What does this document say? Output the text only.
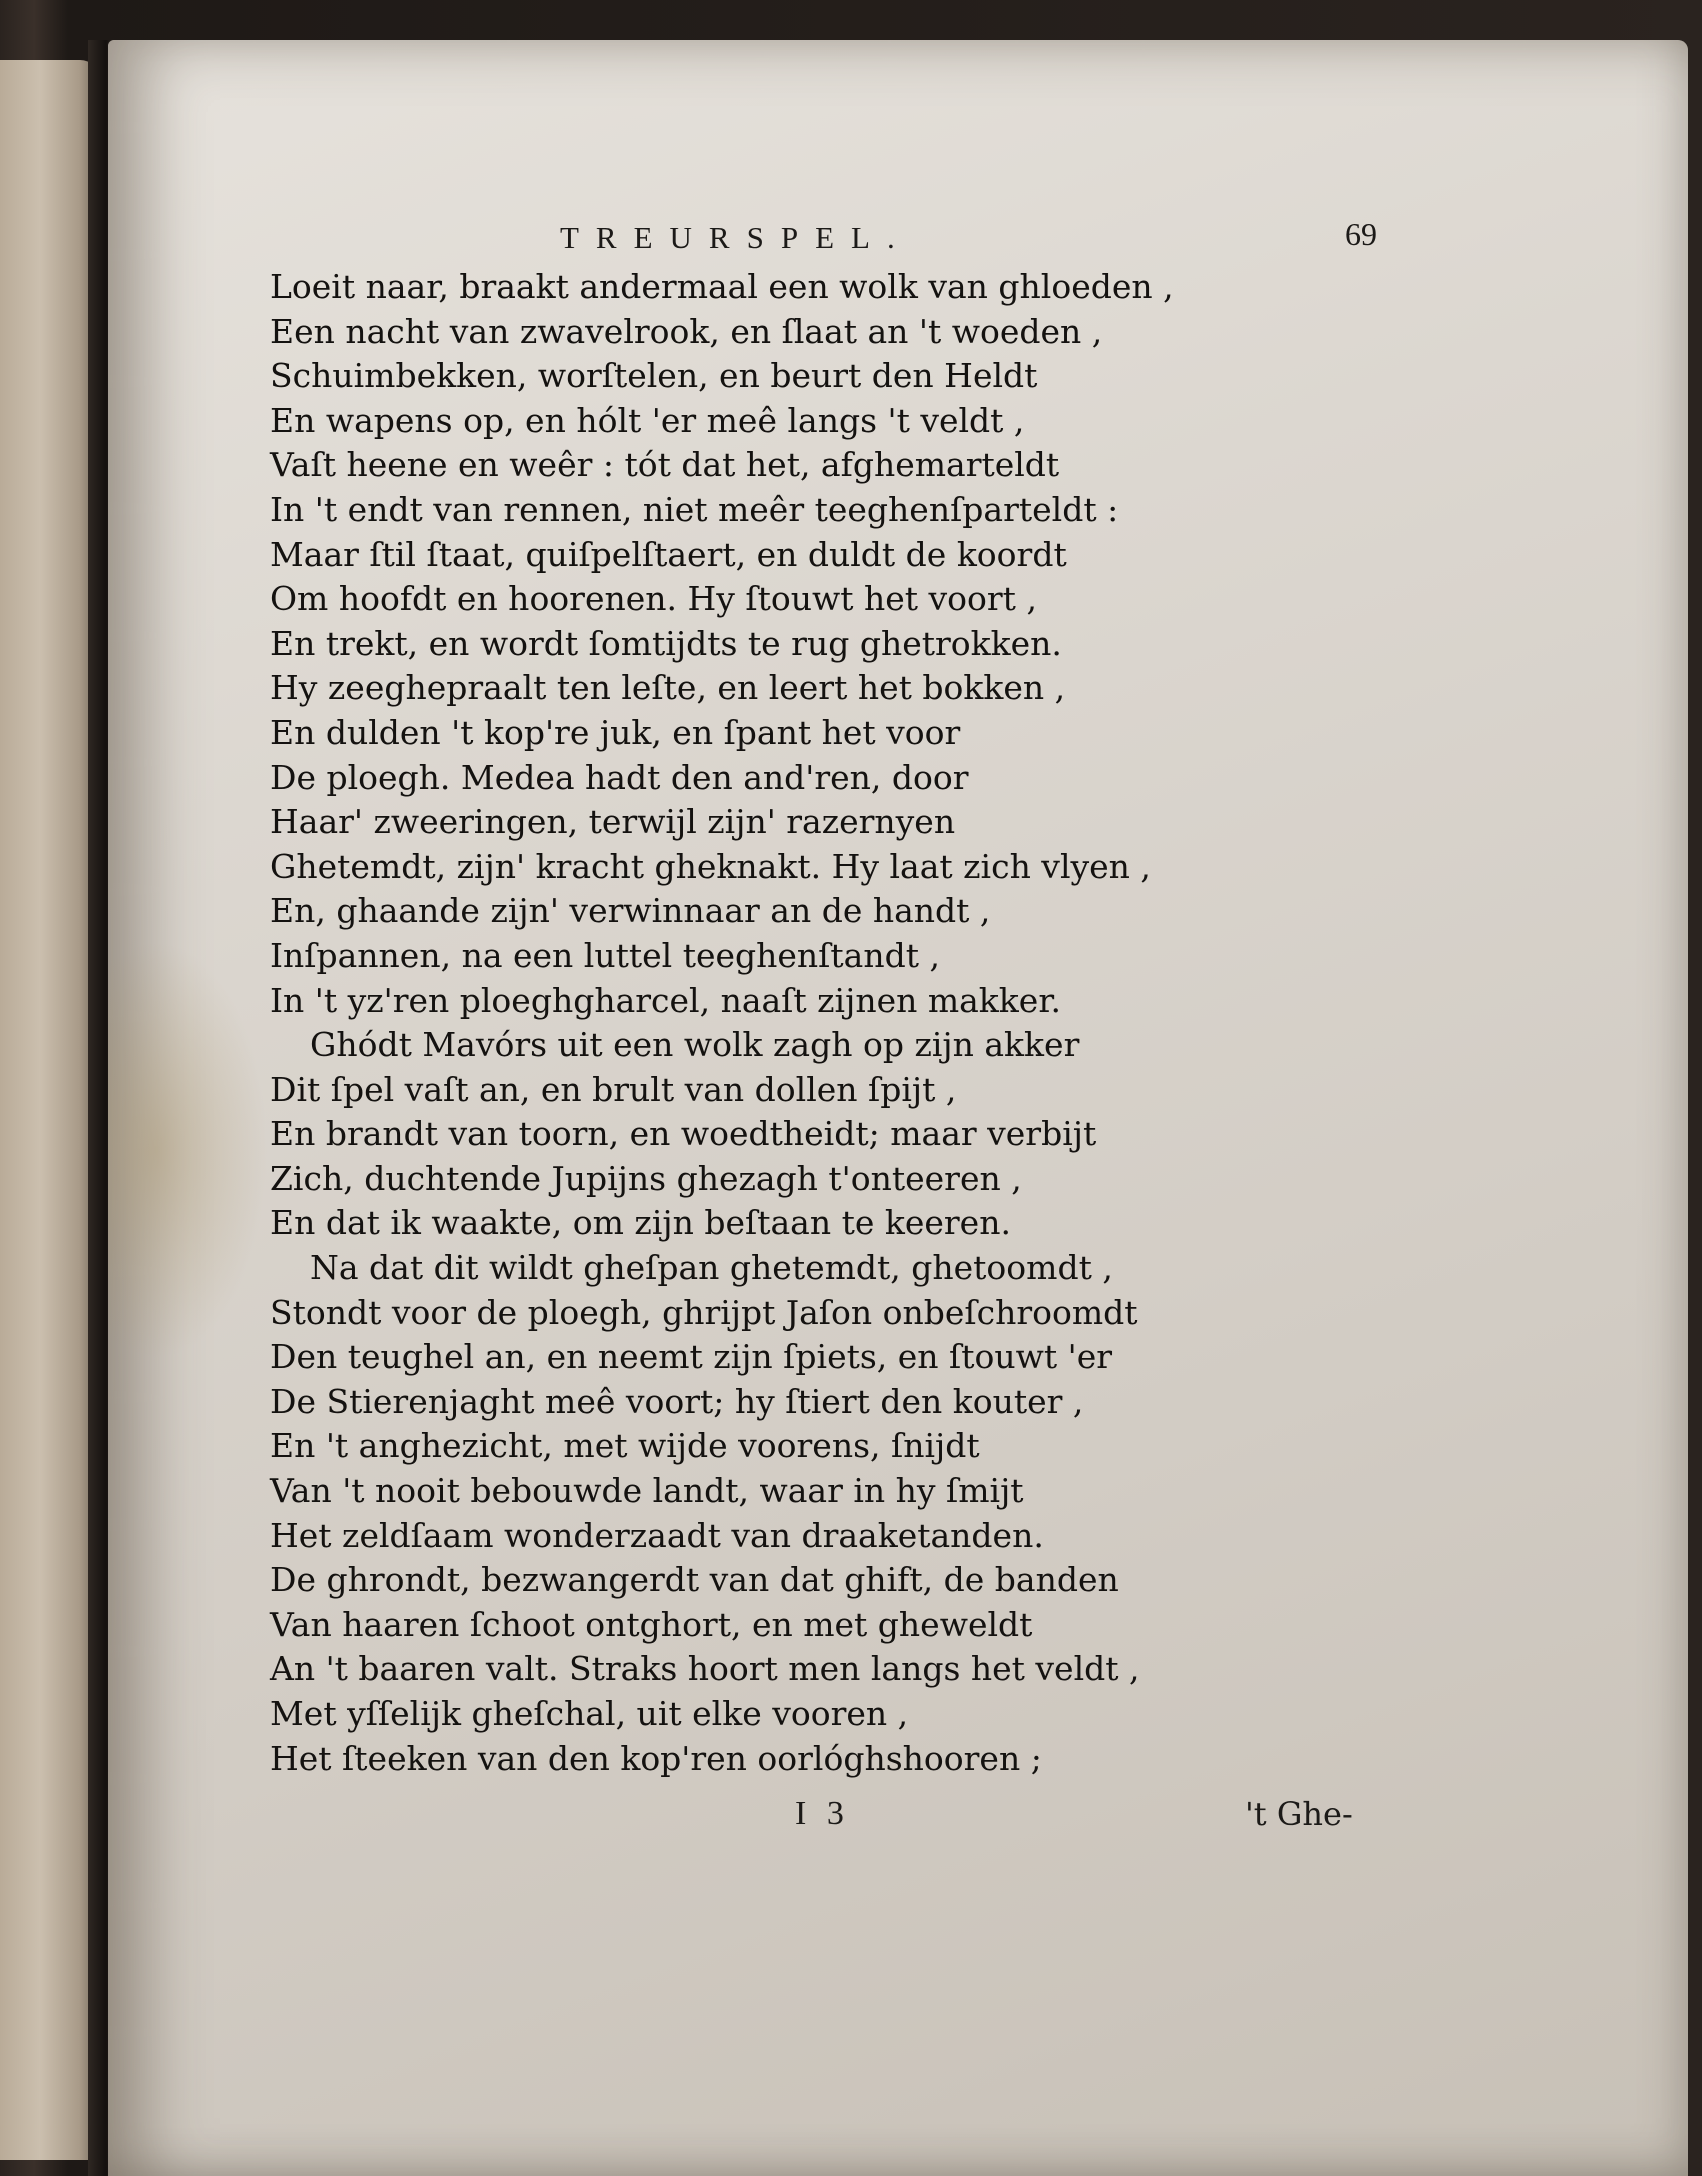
TREURSPEL.	69
Loeit naar, braakt andermaal een wolk van ghloeden ,
Een nacht van zwavelrook, en ſlaat an 't woeden ,
Schuimbekken, worſtelen, en beurt den Heldt
En wapens op, en hólt 'er meê langs 't veldt ,
Vaſt heene en weêr : tót dat het, afghemarteldt
In 't endt van rennen, niet meêr teeghenſparteldt :
Maar ſtil ſtaat, quiſpelſtaert, en duldt de koordt
Om hoofdt en hoorenen. Hy ſtouwt het voort ,
En trekt, en wordt ſomtijdts te rug ghetrokken.
Hy zeegheprаalt ten leſte, en leert het bokken ,
En dulden 't kop're juk, en ſpant het voor
De ploegh. Medea hadt den and'ren, door
Haar' zweeringen, terwijl zijn' razernyen
Ghetemdt, zijn' kracht gheknakt. Hy laat zich vlyen ,
En, ghaande zijn' verwinnaar an de handt ,
Inſpannen, na een luttel teeghenſtandt ,
In 't yz'ren ploeghgharcel, naaſt zijnen makker.
Ghódt Mavórs uit een wolk zagh op zijn akker
Dit ſpel vaſt an, en brult van dollen ſpijt ,
En brandt van toorn, en woedtheidt; maar verbijt
Zich, duchtende Jupijns ghezagh t'onteeren ,
En dat ik waakte, om zijn beſtaan te keeren.
Na dat dit wildt gheſpan ghetemdt, ghetoomdt ,
Stondt voor de ploegh, ghrijpt Jaſon onbeſchroomdt
Den teughel an, en neemt zijn ſpiets, en ſtouwt 'er
De Stierenjaght meê voort; hy ſtiert den kouter ,
En 't anghezicht, met wijde voorens, ſnijdt
Van 't nooit bebouwde landt, waar in hy ſmijt
Het zeldſaam wonderzaadt van draaketanden.
De ghrondt, bezwangerdt van dat ghift, de banden
Van haaren ſchoot ontghort, en met gheweldt
An 't baaren valt. Straks hoort men langs het veldt ,
Met yſſelijk gheſchal, uit elke vooren ,
Het ſteeken van den kop'ren oorlóghshooren ;
I 3	't Ghe-
